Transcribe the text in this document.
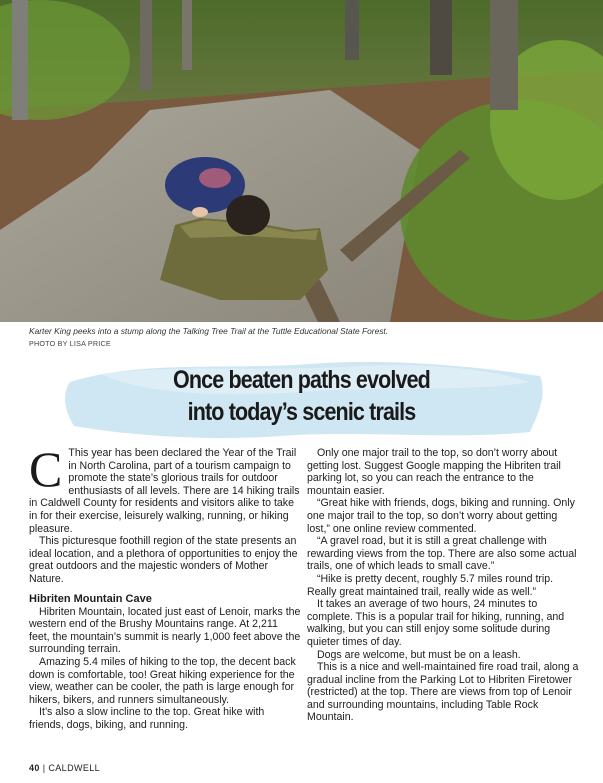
Karter King peeks into a stump along the Talking Tree Trail at the Tuttle Educational State Forest.
PHOTO BY LISA PRICE
Once beaten paths evolved
into today’s scenic trails
C This year has been declared the Year of the Trail in North Carolina, part of a tourism campaign to promote the state’s glorious trails for outdoor enthusiasts of all levels. There are 14 hiking trails in Caldwell County for residents and visitors alike to take in for their exercise, leisurely walking, running, or hiking pleasure.

This picturesque foothill region of the state presents an ideal location, and a plethora of opportunities to enjoy the great outdoors and the majestic wonders of Mother Nature.

Hibriten Mountain Cave

Hibriten Mountain, located just east of Lenoir, marks the western end of the Brushy Mountains range. At 2,211 feet, the mountain’s summit is nearly 1,000 feet above the surrounding terrain.

Amazing 5.4 miles of hiking to the top, the decent back down is comfortable, too! Great hiking experience for the view, weather can be cooler, the path is large enough for hikers, bikers, and runners simultaneously.

It’s also a slow incline to the top. Great hike with friends, dogs, biking, and running.

Only one major trail to the top, so don’t worry about getting lost. Suggest Google mapping the Hibriten trail parking lot, so you can reach the entrance to the mountain easier.

“Great hike with friends, dogs, biking and running. Only one major trail to the top, so don’t worry about getting lost,” one online review commented.

“A gravel road, but it is still a great challenge with rewarding views from the top. There are also some actual trails, one of which leads to small cave.”

“Hike is pretty decent, roughly 5.7 miles round trip. Really great maintained trail, really wide as well.”

It takes an average of two hours, 24 minutes to complete. This is a popular trail for hiking, running, and walking, but you can still enjoy some solitude during quieter times of day.

Dogs are welcome, but must be on a leash.

This is a nice and well-maintained fire road trail, along a gradual incline from the Parking Lot to Hibriten Firetower (restricted) at the top. There are views from top of Lenoir and surrounding mountains, including Table Rock Mountain.

40 | CALDWELL
